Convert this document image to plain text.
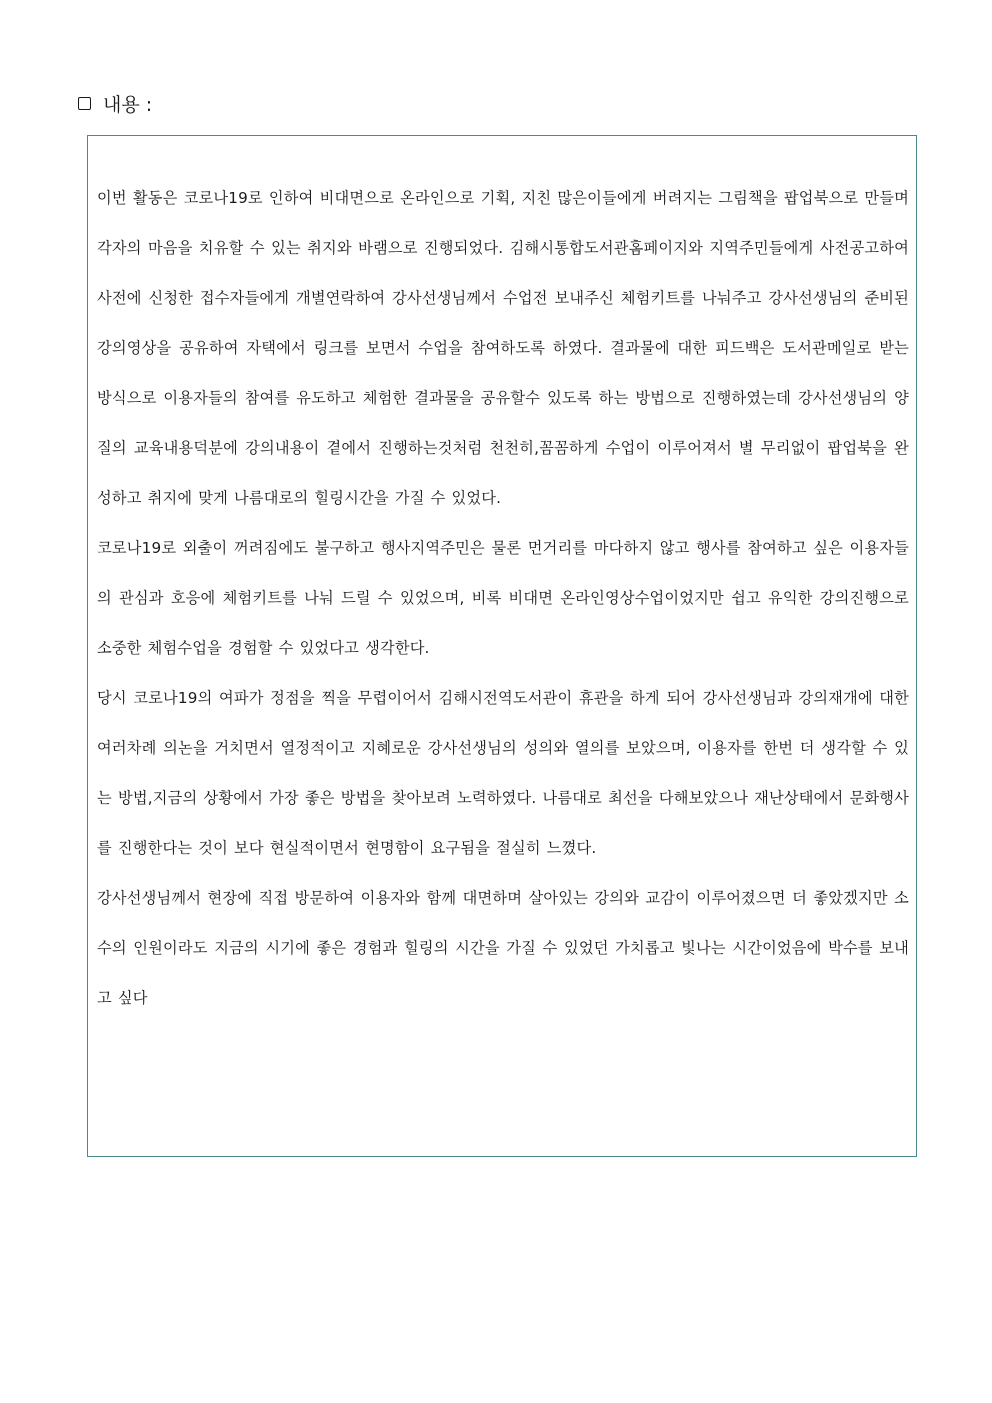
내용 :

이번 활동은 코로나19로 인하여 비대면으로 온라인으로 기획, 지친 많은이들에게 버려지는 그림책을 팝업북으로 만들며 각자의 마음을 치유할 수 있는 취지와 바램으로 진행되었다. 김해시통합도서관홈페이지와 지역주민들에게 사전공고하여 사전에 신청한 접수자들에게 개별연락하여 강사선생님께서 수업전 보내주신 체험키트를 나눠주고 강사선생님의 준비된 강의영상을 공유하여 자택에서 링크를 보면서 수업을 참여하도록 하였다. 결과물에 대한 피드백은 도서관메일로 받는 방식으로 이용자들의 참여를 유도하고 체험한 결과물을 공유할수 있도록 하는 방법으로 진행하였는데 강사선생님의 양질의 교육내용덕분에 강의내용이 곁에서 진행하는것처럼 천천히,꼼꼼하게 수업이 이루어져서 별 무리없이 팝업북을 완성하고 취지에 맞게 나름대로의 힐링시간을 가질 수 있었다.

코로나19로 외출이 꺼려짐에도 불구하고 행사지역주민은 물론 먼거리를 마다하지 않고 행사를 참여하고 싶은 이용자들의 관심과 호응에 체험키트를 나눠 드릴 수 있었으며, 비록 비대면 온라인영상수업이었지만 쉽고 유익한 강의진행으로 소중한 체험수업을 경험할 수 있었다고 생각한다.

당시 코로나19의 여파가 정점을 찍을 무렵이어서 김해시전역도서관이 휴관을 하게 되어 강사선생님과 강의재개에 대한 여러차례 의논을 거치면서 열정적이고 지혜로운 강사선생님의 성의와 열의를 보았으며, 이용자를 한번 더 생각할 수 있는 방법,지금의 상황에서 가장 좋은 방법을 찾아보려 노력하였다. 나름대로 최선을 다해보았으나 재난상태에서 문화행사를 진행한다는 것이 보다 현실적이면서 현명함이 요구됨을 절실히 느꼈다.

강사선생님께서 현장에 직접 방문하여 이용자와 함께 대면하며 살아있는 강의와 교감이 이루어졌으면 더 좋았겠지만 소수의 인원이라도 지금의 시기에 좋은 경험과 힐링의 시간을 가질 수 있었던 가치롭고 빛나는 시간이었음에 박수를 보내고 싶다
